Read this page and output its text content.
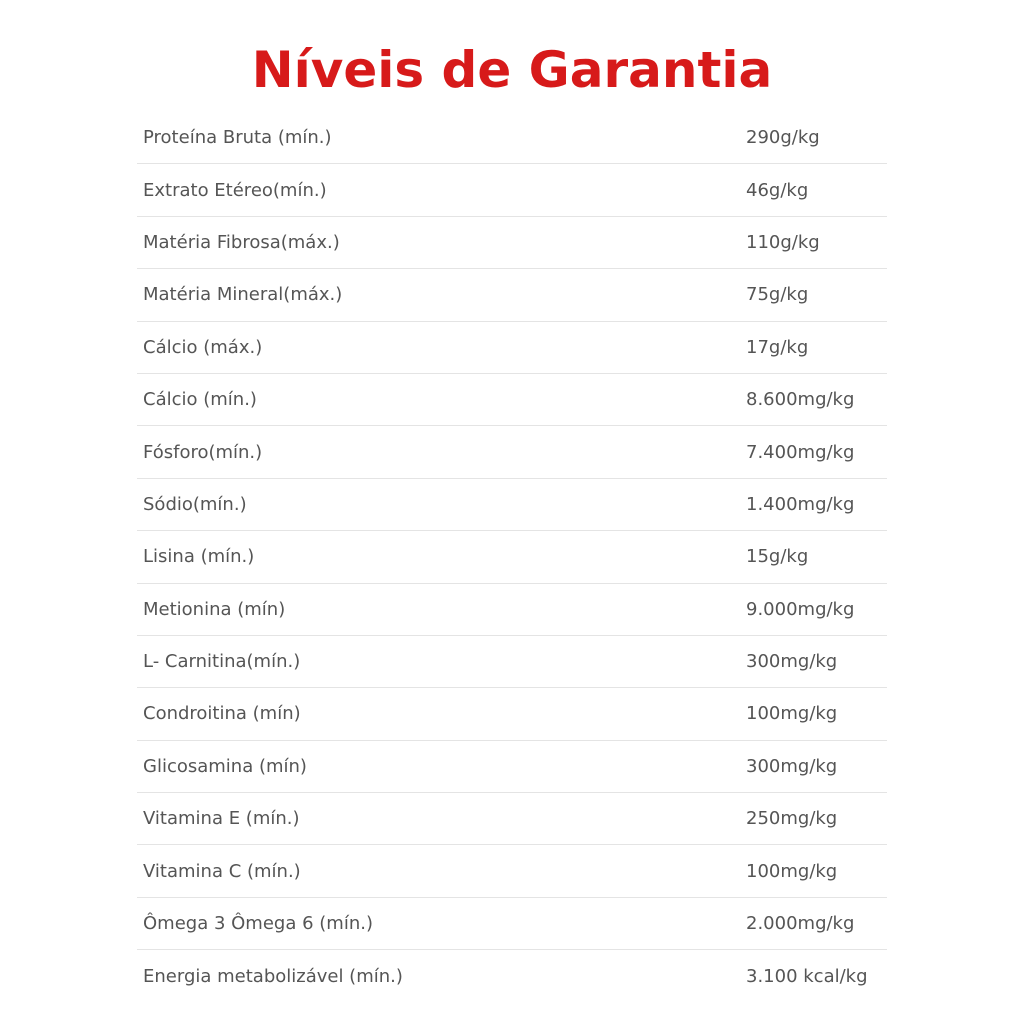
Níveis de Garantia
Proteína Bruta (mín.)	290g/kg
Extrato Etéreo(mín.)	46g/kg
Matéria Fibrosa(máx.)	110g/kg
Matéria Mineral(máx.)	75g/kg
Cálcio (máx.)	17g/kg
Cálcio (mín.)	8.600mg/kg
Fósforo(mín.)	7.400mg/kg
Sódio(mín.)	1.400mg/kg
Lisina (mín.)	15g/kg
Metionina (mín)	9.000mg/kg
L- Carnitina(mín.)	300mg/kg
Condroitina (mín)	100mg/kg
Glicosamina (mín)	300mg/kg
Vitamina E (mín.)	250mg/kg
Vitamina C (mín.)	100mg/kg
Ômega 3 Ômega 6 (mín.)	2.000mg/kg
Energia metabolizável (mín.)	3.100 kcal/kg
